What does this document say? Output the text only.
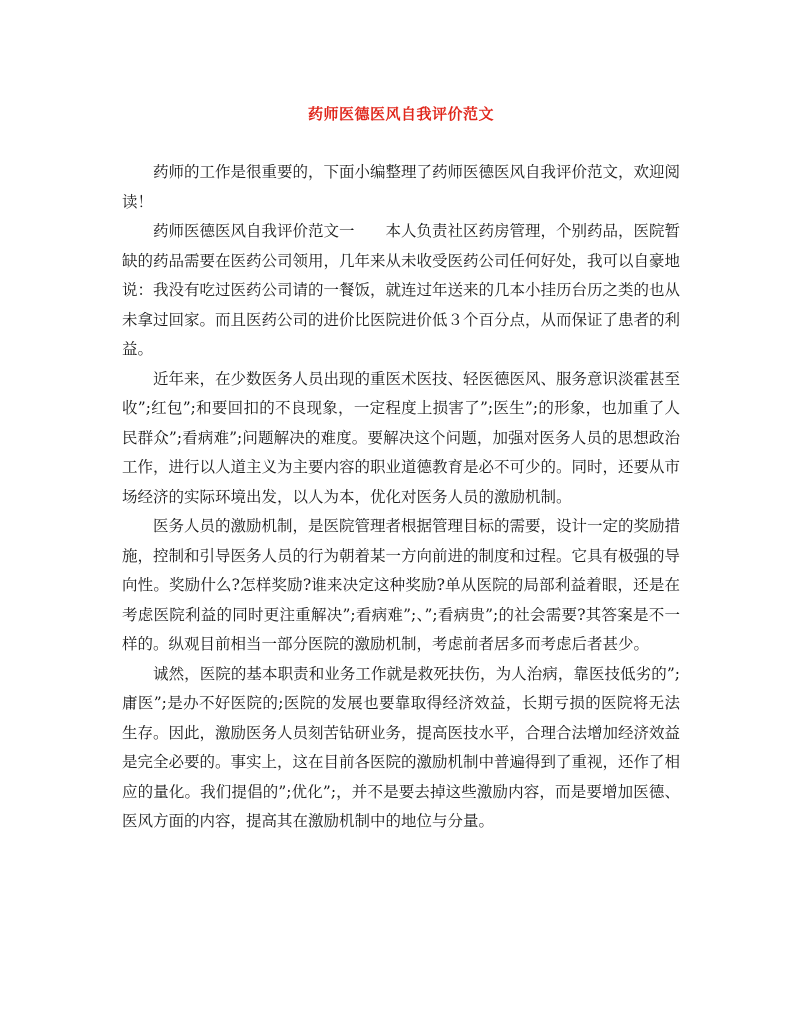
药师医德医风自我评价范文

药师的工作是很重要的，下面小编整理了药师医德医风自我评价范文，欢迎阅读！

药师医德医风自我评价范文一　　本人负责社区药房管理，个别药品，医院暂缺的药品需要在医药公司领用，几年来从未收受医药公司任何好处，我可以自豪地说：我没有吃过医药公司请的一餐饭，就连过年送来的几本小挂历台历之类的也从未拿过回家。而且医药公司的进价比医院进价低３个百分点，从而保证了患者的利益。

近年来，在少数医务人员出现的重医术医技、轻医德医风、服务意识淡霍甚至收”;红包”;和要回扣的不良现象，一定程度上损害了”;医生”;的形象，也加重了人民群众”;看病难”;问题解决的难度。要解决这个问题，加强对医务人员的思想政治工作，进行以人道主义为主要内容的职业道德教育是必不可少的。同时，还要从市场经济的实际环境出发，以人为本，优化对医务人员的激励机制。

医务人员的激励机制，是医院管理者根据管理目标的需要，设计一定的奖励措施，控制和引导医务人员的行为朝着某一方向前进的制度和过程。它具有极强的导向性。奖励什么?怎样奖励?谁来决定这种奖励?单从医院的局部利益着眼，还是在考虑医院利益的同时更注重解决”;看病难”;、”;看病贵”;的社会需要?其答案是不一样的。纵观目前相当一部分医院的激励机制，考虑前者居多而考虑后者甚少。

诚然，医院的基本职责和业务工作就是救死扶伤，为人治病，靠医技低劣的”;庸医”;是办不好医院的;医院的发展也要靠取得经济效益，长期亏损的医院将无法生存。因此，激励医务人员刻苦钻研业务，提高医技水平，合理合法增加经济效益是完全必要的。事实上，这在目前各医院的激励机制中普遍得到了重视，还作了相应的量化。我们提倡的”;优化”;，并不是要去掉这些激励内容，而是要增加医德、医风方面的内容，提高其在激励机制中的地位与分量。
